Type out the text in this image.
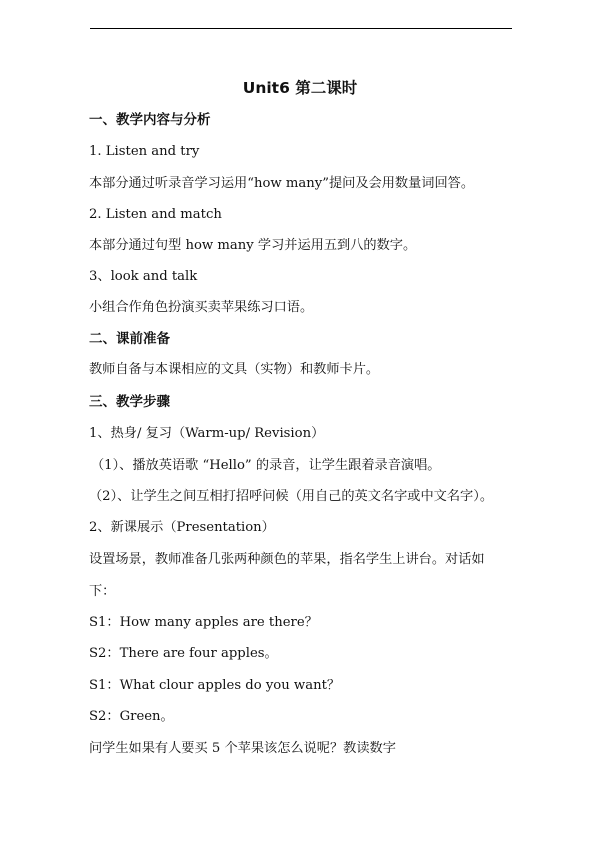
Unit6 第二课时
一、教学内容与分析
1. Listen and try
本部分通过听录音学习运用“how many”提问及会用数量词回答。
2. Listen and match
本部分通过句型 how many 学习并运用五到八的数字。
3、look and talk
小组合作角色扮演买卖苹果练习口语。
二、课前准备
教师自备与本课相应的文具（实物）和教师卡片。
三、教学步骤
1、热身/ 复习（Warm-up/ Revision）
（1）、播放英语歌 “Hello” 的录音，让学生跟着录音演唱。
（2）、让学生之间互相打招呼问候（用自己的英文名字或中文名字）。
2、新课展示（Presentation）
设置场景，教师准备几张两种颜色的苹果，指名学生上讲台。对话如
下：
S1：How many apples are there？
S2：There are four apples。
S1：What clour apples do you want？
S2：Green。
问学生如果有人要买 5 个苹果该怎么说呢？教读数字
